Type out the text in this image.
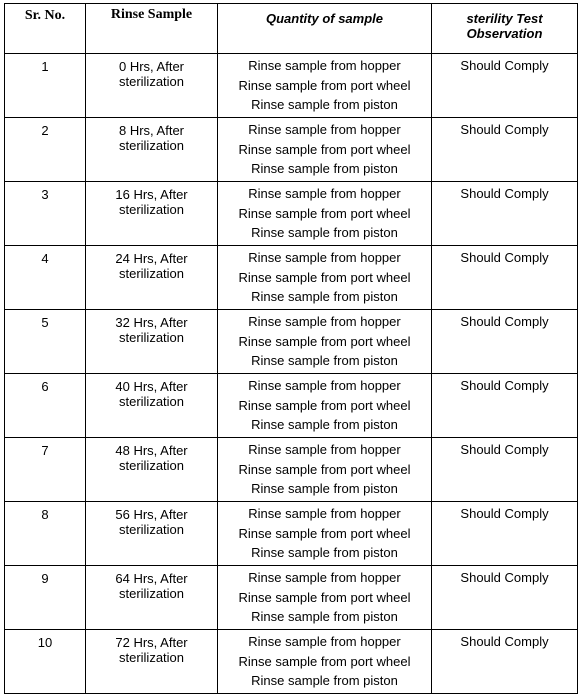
Sr. No.	Rinse Sample	Quantity of sample	sterility Test Observation
1	0 Hrs, After sterilization	Rinse sample from hopper
Rinse sample from port wheel
Rinse sample from piston	Should Comply
2	8 Hrs, After sterilization	Rinse sample from hopper
Rinse sample from port wheel
Rinse sample from piston	Should Comply
3	16 Hrs, After sterilization	Rinse sample from hopper
Rinse sample from port wheel
Rinse sample from piston	Should Comply
4	24 Hrs, After sterilization	Rinse sample from hopper
Rinse sample from port wheel
Rinse sample from piston	Should Comply
5	32 Hrs, After sterilization	Rinse sample from hopper
Rinse sample from port wheel
Rinse sample from piston	Should Comply
6	40 Hrs, After sterilization	Rinse sample from hopper
Rinse sample from port wheel
Rinse sample from piston	Should Comply
7	48 Hrs, After sterilization	Rinse sample from hopper
Rinse sample from port wheel
Rinse sample from piston	Should Comply
8	56 Hrs, After sterilization	Rinse sample from hopper
Rinse sample from port wheel
Rinse sample from piston	Should Comply
9	64 Hrs, After sterilization	Rinse sample from hopper
Rinse sample from port wheel
Rinse sample from piston	Should Comply
10	72 Hrs, After sterilization	Rinse sample from hopper
Rinse sample from port wheel
Rinse sample from piston	Should Comply
